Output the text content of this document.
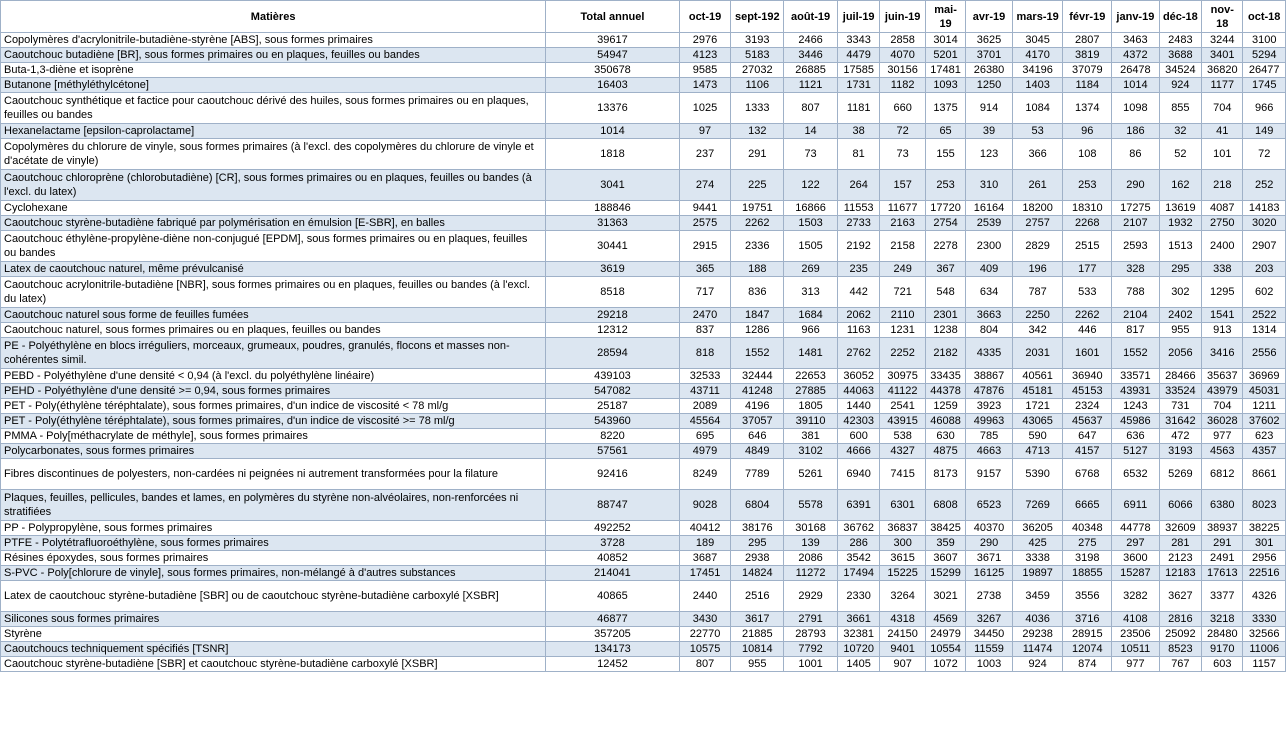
Matières	Total annuel	oct-19	sept-192	août-19	juil-19	juin-19	mai-19	avr-19	mars-19	févr-19	janv-19	déc-18	nov-18	oct-18
Copolymères d'acrylonitrile-butadiène-styrène [ABS], sous formes primaires	39617	2976	3193	2466	3343	2858	3014	3625	3045	2807	3463	2483	3244	3100
Caoutchouc butadiène [BR], sous formes primaires ou en plaques, feuilles ou bandes	54947	4123	5183	3446	4479	4070	5201	3701	4170	3819	4372	3688	3401	5294
Buta-1,3-diène et isoprène	350678	9585	27032	26885	17585	30156	17481	26380	34196	37079	26478	34524	36820	26477
Butanone [méthyléthylcétone]	16403	1473	1106	1121	1731	1182	1093	1250	1403	1184	1014	924	1177	1745
Caoutchouc synthétique et factice pour caoutchouc dérivé des huiles, sous formes primaires ou en plaques, feuilles ou bandes	13376	1025	1333	807	1181	660	1375	914	1084	1374	1098	855	704	966
Hexanelactame [epsilon-caprolactame]	1014	97	132	14	38	72	65	39	53	96	186	32	41	149
Copolymères du chlorure de vinyle, sous formes primaires (à l'excl. des copolymères du chlorure de vinyle et d'acétate de vinyle)	1818	237	291	73	81	73	155	123	366	108	86	52	101	72
Caoutchouc chloroprène (chlorobutadiène) [CR], sous formes primaires ou en plaques, feuilles ou bandes (à l'excl. du latex)	3041	274	225	122	264	157	253	310	261	253	290	162	218	252
Cyclohexane	188846	9441	19751	16866	11553	11677	17720	16164	18200	18310	17275	13619	4087	14183
Caoutchouc styrène-butadiène fabriqué par polymérisation en émulsion [E-SBR], en balles	31363	2575	2262	1503	2733	2163	2754	2539	2757	2268	2107	1932	2750	3020
Caoutchouc éthylène-propylène-diène non-conjugué [EPDM], sous formes primaires ou en plaques, feuilles ou bandes	30441	2915	2336	1505	2192	2158	2278	2300	2829	2515	2593	1513	2400	2907
Latex de caoutchouc naturel, même prévulcanisé	3619	365	188	269	235	249	367	409	196	177	328	295	338	203
Caoutchouc acrylonitrile-butadiène [NBR], sous formes primaires ou en plaques, feuilles ou bandes (à l'excl. du latex)	8518	717	836	313	442	721	548	634	787	533	788	302	1295	602
Caoutchouc naturel sous forme de feuilles fumées	29218	2470	1847	1684	2062	2110	2301	3663	2250	2262	2104	2402	1541	2522
Caoutchouc naturel, sous formes primaires ou en plaques, feuilles ou bandes	12312	837	1286	966	1163	1231	1238	804	342	446	817	955	913	1314
PE - Polyéthylène en blocs irréguliers, morceaux, grumeaux, poudres, granulés, flocons et masses non-cohérentes simil.	28594	818	1552	1481	2762	2252	2182	4335	2031	1601	1552	2056	3416	2556
PEBD - Polyéthylène d'une densité < 0,94 (à l'excl. du polyéthylène linéaire)	439103	32533	32444	22653	36052	30975	33435	38867	40561	36940	33571	28466	35637	36969
PEHD - Polyéthylène d'une densité >= 0,94, sous formes primaires	547082	43711	41248	27885	44063	41122	44378	47876	45181	45153	43931	33524	43979	45031
PET - Poly(éthylène téréphtalate), sous formes primaires, d'un indice de viscosité < 78 ml/g	25187	2089	4196	1805	1440	2541	1259	3923	1721	2324	1243	731	704	1211
PET - Poly(éthylène téréphtalate), sous formes primaires, d'un indice de viscosité >= 78 ml/g	543960	45564	37057	39110	42303	43915	46088	49963	43065	45637	45986	31642	36028	37602
PMMA - Poly[méthacrylate de méthyle], sous formes primaires	8220	695	646	381	600	538	630	785	590	647	636	472	977	623
Polycarbonates, sous formes primaires	57561	4979	4849	3102	4666	4327	4875	4663	4713	4157	5127	3193	4563	4357
Fibres discontinues de polyesters, non-cardées ni peignées ni autrement transformées pour la filature	92416	8249	7789	5261	6940	7415	8173	9157	5390	6768	6532	5269	6812	8661
Plaques, feuilles, pellicules, bandes et lames, en polymères du styrène non-alvéolaires, non-renforcées ni stratifiées	88747	9028	6804	5578	6391	6301	6808	6523	7269	6665	6911	6066	6380	8023
PP - Polypropylène, sous formes primaires	492252	40412	38176	30168	36762	36837	38425	40370	36205	40348	44778	32609	38937	38225
PTFE - Polytétrafluoroéthylène, sous formes primaires	3728	189	295	139	286	300	359	290	425	275	297	281	291	301
Résines époxydes, sous formes primaires	40852	3687	2938	2086	3542	3615	3607	3671	3338	3198	3600	2123	2491	2956
S-PVC - Poly[chlorure de vinyle], sous formes primaires, non-mélangé à d'autres substances	214041	17451	14824	11272	17494	15225	15299	16125	19897	18855	15287	12183	17613	22516
Latex de caoutchouc styrène-butadiène [SBR] ou de caoutchouc styrène-butadiène carboxylé [XSBR]	40865	2440	2516	2929	2330	3264	3021	2738	3459	3556	3282	3627	3377	4326
Silicones sous formes primaires	46877	3430	3617	2791	3661	4318	4569	3267	4036	3716	4108	2816	3218	3330
Styrène	357205	22770	21885	28793	32381	24150	24979	34450	29238	28915	23506	25092	28480	32566
Caoutchoucs techniquement spécifiés [TSNR]	134173	10575	10814	7792	10720	9401	10554	11559	11474	12074	10511	8523	9170	11006
Caoutchouc styrène-butadiène [SBR] et caoutchouc styrène-butadiène carboxylé [XSBR]	12452	807	955	1001	1405	907	1072	1003	924	874	977	767	603	1157
